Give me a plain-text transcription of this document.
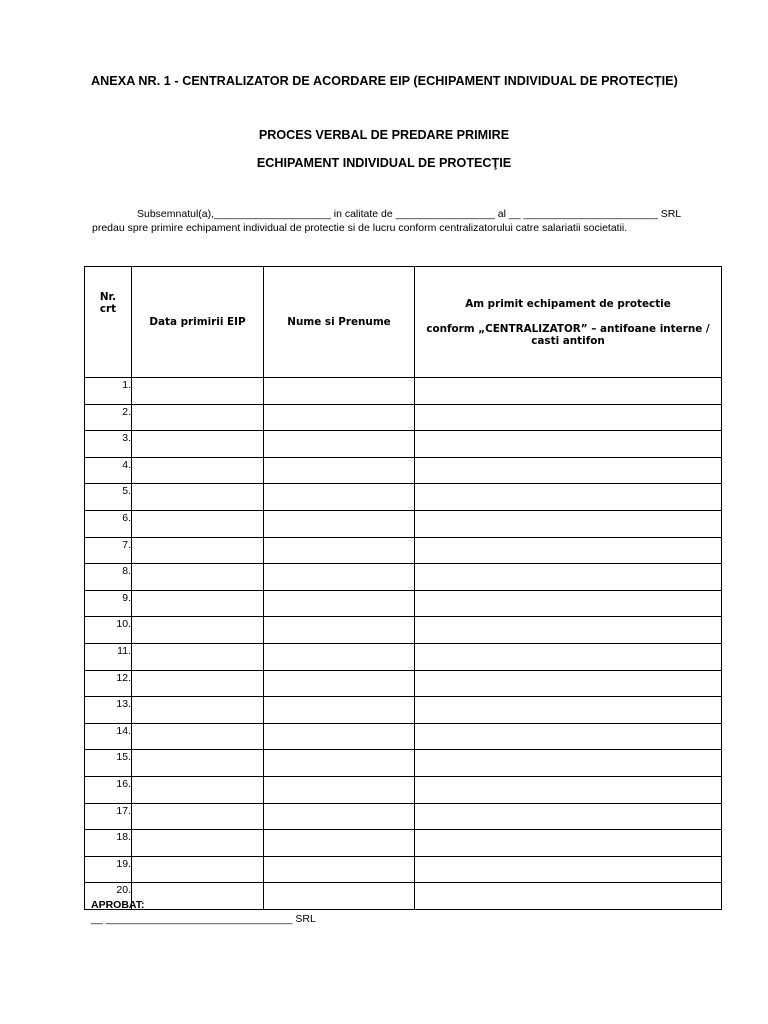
ANEXA NR. 1 - CENTRALIZATOR DE ACORDARE EIP (ECHIPAMENT INDIVIDUAL DE PROTECȚIE)
PROCES VERBAL DE PREDARE PRIMIRE
ECHIPAMENT INDIVIDUAL DE PROTECŢIE
Subsemnatul(a),____________________ in calitate de _________________ al __ _______________________ SRL
predau spre primire echipament individual de protectie si de lucru conform centralizatorului catre salariatii societatii.
Nr. crt	Data primirii EIP	Nume si Prenume	Am primit echipament de protectie

conform „CENTRALIZATOR” – antifoane interne / casti antifon

1.			
2.			
3.			
4.			
5.			
6.			
7.			
8.			
9.			
10.			
11.			
12.			
13.			
14.			
15.			
16.			
17.			
18.			
19.			
20.			
APROBAT:
__ ________________________________ SRL
